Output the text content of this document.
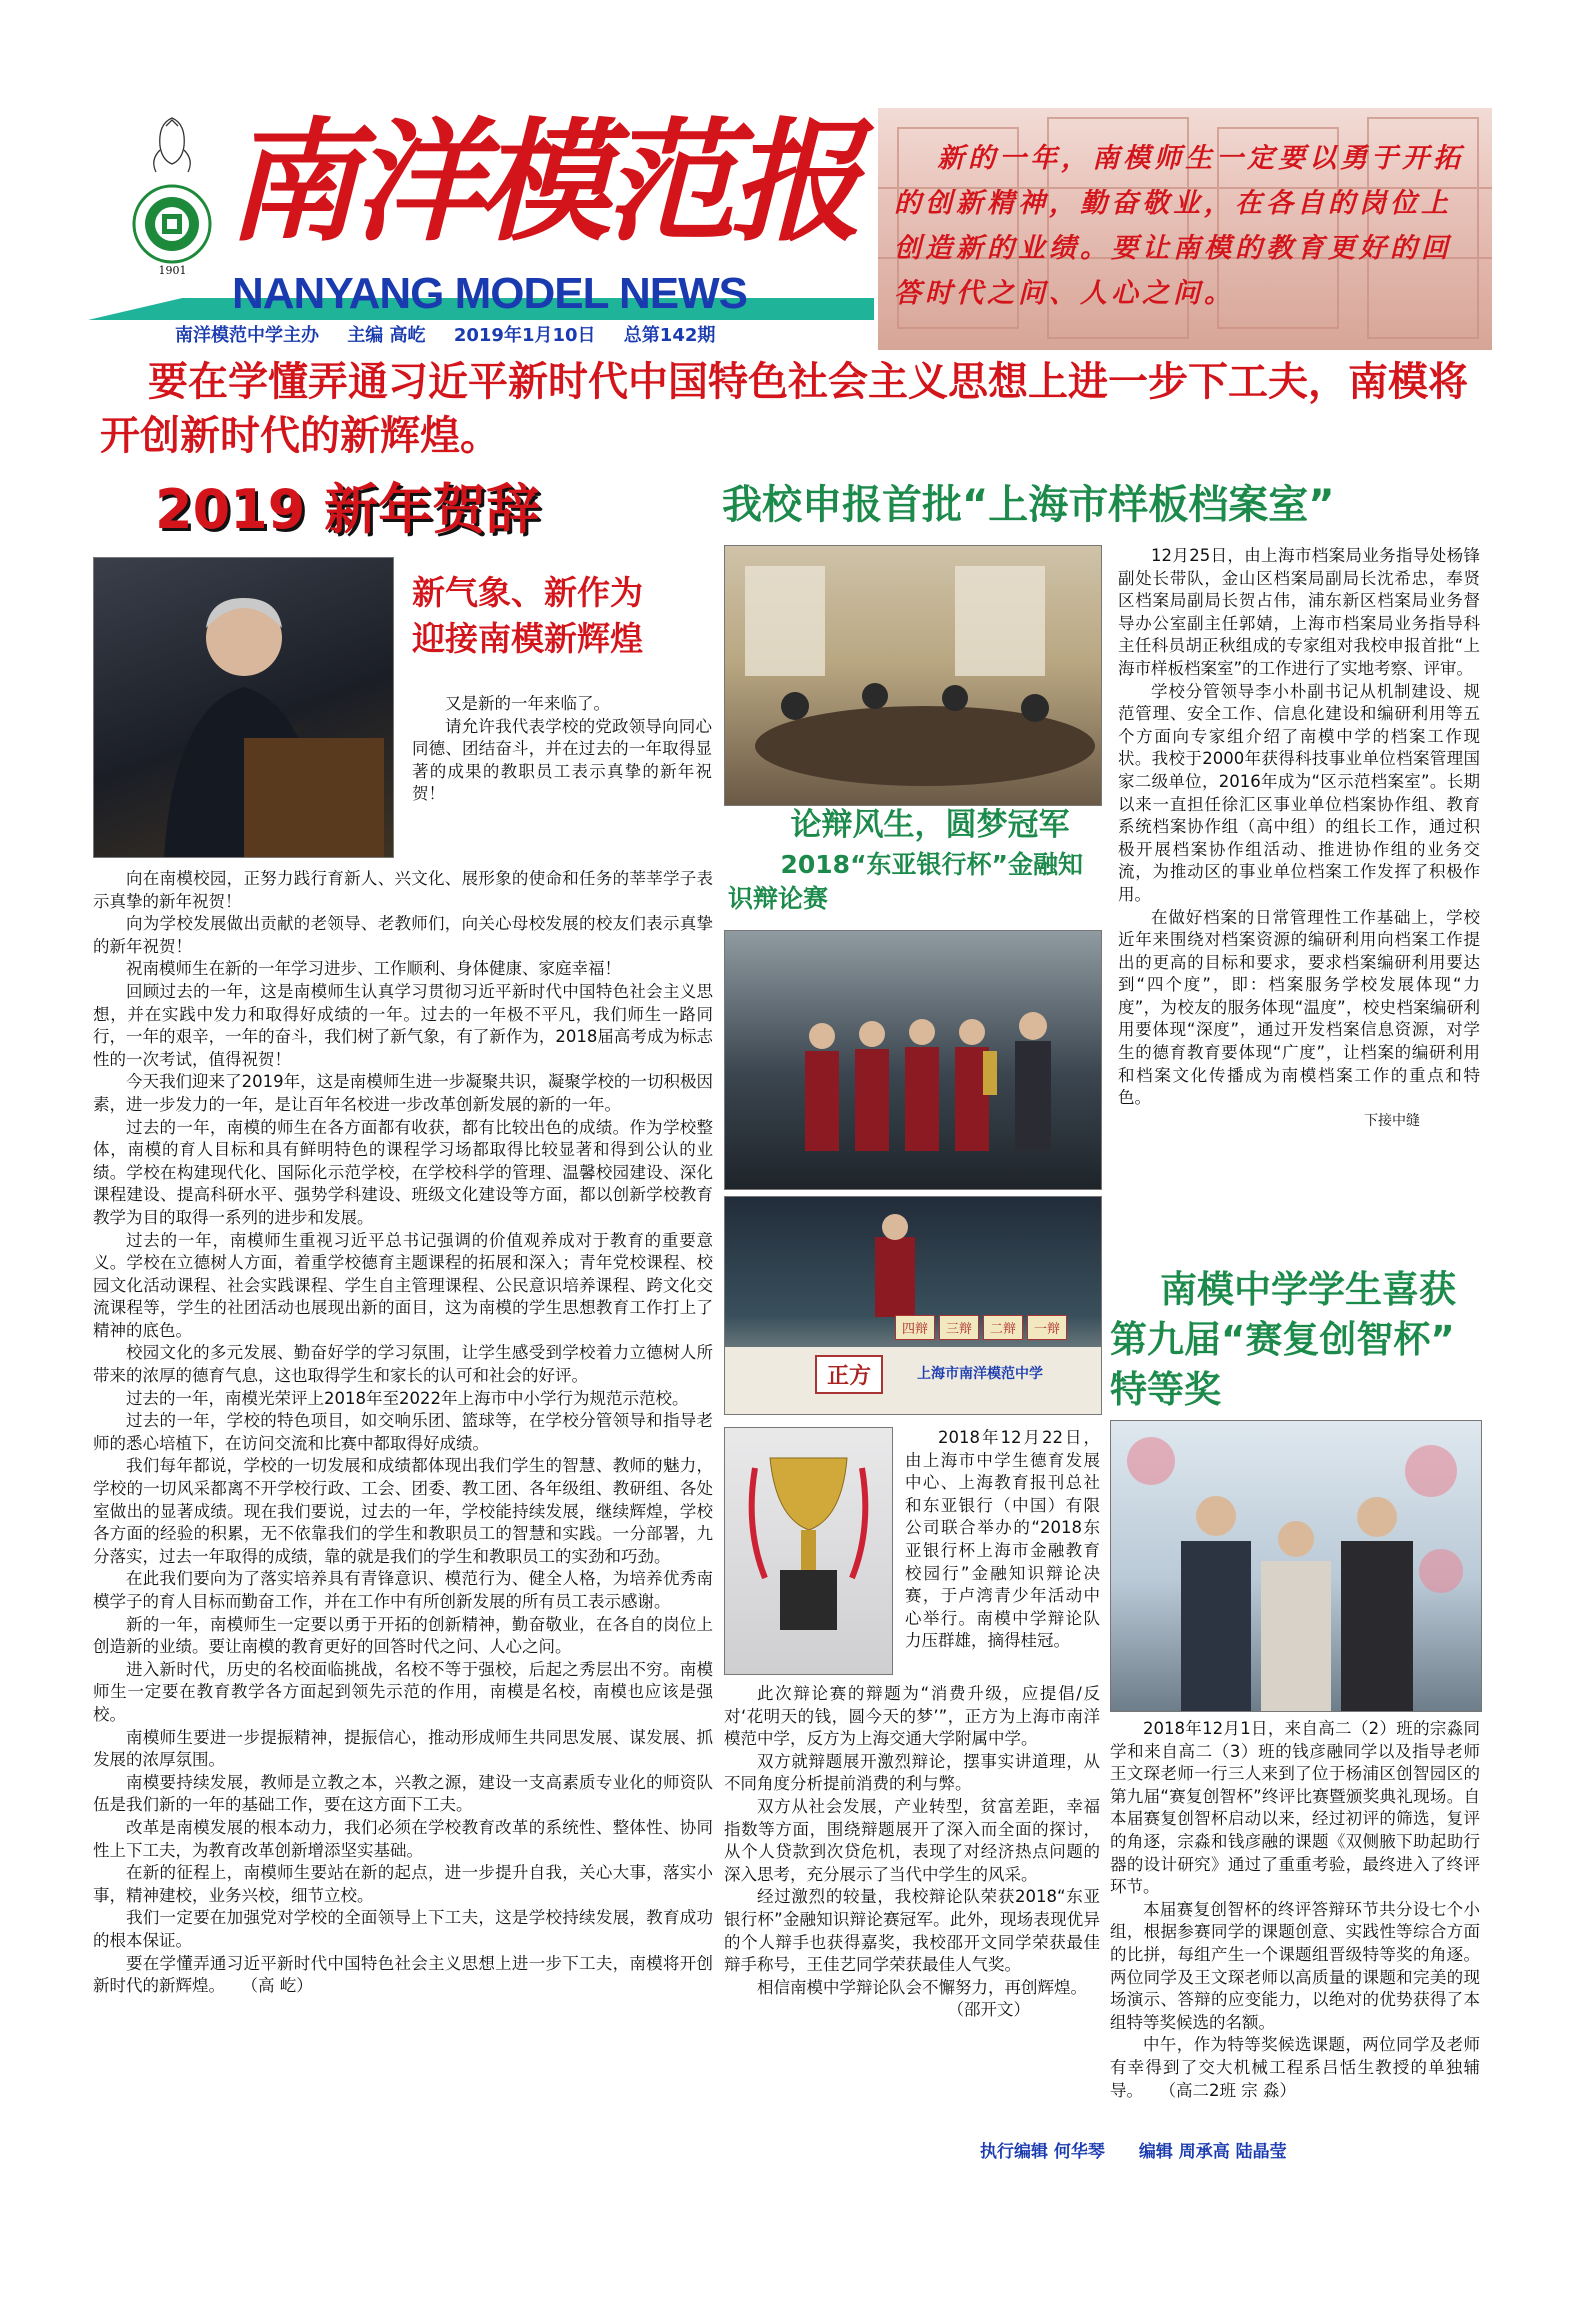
1901
南洋模范报
NANYANG MODEL NEWS
南洋模范中学主办 主编 高屹 2019年1月10日 总第142期
新的一年，南模师生一定要以勇于开拓的创新精神，勤奋敬业，在各自的岗位上创造新的业绩。要让南模的教育更好的回答时代之问、人心之问。
要在学懂弄通习近平新时代中国特色社会主义思想上进一步下工夫，南模将开创新时代的新辉煌。
2019 新年贺辞
新气象、新作为
迎接南模新辉煌

又是新的一年来临了。

请允许我代表学校的党政领导向同心同德、团结奋斗，并在过去的一年取得显著的成果的教职员工表示真挚的新年祝贺！

向在南模校园，正努力践行育新人、兴文化、展形象的使命和任务的莘莘学子表示真挚的新年祝贺！

向为学校发展做出贡献的老领导、老教师们，向关心母校发展的校友们表示真挚的新年祝贺！

祝南模师生在新的一年学习进步、工作顺利、身体健康、家庭幸福！

回顾过去的一年，这是南模师生认真学习贯彻习近平新时代中国特色社会主义思想，并在实践中发力和取得好成绩的一年。过去的一年极不平凡，我们师生一路同行，一年的艰辛，一年的奋斗，我们树了新气象，有了新作为，2018届高考成为标志性的一次考试，值得祝贺！

今天我们迎来了2019年，这是南模师生进一步凝聚共识，凝聚学校的一切积极因素，进一步发力的一年，是让百年名校进一步改革创新发展的新的一年。

过去的一年，南模的师生在各方面都有收获，都有比较出色的成绩。作为学校整体，南模的育人目标和具有鲜明特色的课程学习场都取得比较显著和得到公认的业绩。学校在构建现代化、国际化示范学校，在学校科学的管理、温馨校园建设、深化课程建设、提高科研水平、强势学科建设、班级文化建设等方面，都以创新学校教育教学为目的取得一系列的进步和发展。

过去的一年，南模师生重视习近平总书记强调的价值观养成对于教育的重要意义。学校在立德树人方面，着重学校德育主题课程的拓展和深入；青年党校课程、校园文化活动课程、社会实践课程、学生自主管理课程、公民意识培养课程、跨文化交流课程等，学生的社团活动也展现出新的面目，这为南模的学生思想教育工作打上了精神的底色。

校园文化的多元发展、勤奋好学的学习氛围，让学生感受到学校着力立德树人所带来的浓厚的德育气息，这也取得学生和家长的认可和社会的好评。

过去的一年，南模光荣评上2018年至2022年上海市中小学行为规范示范校。

过去的一年，学校的特色项目，如交响乐团、篮球等，在学校分管领导和指导老师的悉心培植下，在访问交流和比赛中都取得好成绩。

我们每年都说，学校的一切发展和成绩都体现出我们学生的智慧、教师的魅力，学校的一切风采都离不开学校行政、工会、团委、教工团、各年级组、教研组、各处室做出的显著成绩。现在我们要说，过去的一年，学校能持续发展，继续辉煌，学校各方面的经验的积累，无不依靠我们的学生和教职员工的智慧和实践。一分部署，九分落实，过去一年取得的成绩，靠的就是我们的学生和教职员工的实劲和巧劲。

在此我们要向为了落实培养具有青锋意识、模范行为、健全人格，为培养优秀南模学子的育人目标而勤奋工作，并在工作中有所创新发展的所有员工表示感谢。

新的一年，南模师生一定要以勇于开拓的创新精神，勤奋敬业，在各自的岗位上创造新的业绩。要让南模的教育更好的回答时代之问、人心之问。

进入新时代，历史的名校面临挑战，名校不等于强校，后起之秀层出不穷。南模师生一定要在教育教学各方面起到领先示范的作用，南模是名校，南模也应该是强校。

南模师生要进一步提振精神，提振信心，推动形成师生共同思发展、谋发展、抓发展的浓厚氛围。

南模要持续发展，教师是立教之本，兴教之源，建设一支高素质专业化的师资队伍是我们新的一年的基础工作，要在这方面下工夫。

改革是南模发展的根本动力，我们必须在学校教育改革的系统性、整体性、协同性上下工夫，为教育改革创新增添坚实基础。

在新的征程上，南模师生要站在新的起点，进一步提升自我，关心大事，落实小事，精神建校，业务兴校，细节立校。

我们一定要在加强党对学校的全面领导上下工夫，这是学校持续发展，教育成功的根本保证。

要在学懂弄通习近平新时代中国特色社会主义思想上进一步下工夫，南模将开创新时代的新辉煌。  （高 屹）

我校申报首批“上海市样板档案室”

12月25日，由上海市档案局业务指导处杨锋副处长带队，金山区档案局副局长沈希忠，奉贤区档案局副局长贺占伟，浦东新区档案局业务督导办公室副主任郭婧，上海市档案局业务指导科主任科员胡正秋组成的专家组对我校申报首批“上海市样板档案室”的工作进行了实地考察、评审。

学校分管领导李小朴副书记从机制建设、规范管理、安全工作、信息化建设和编研利用等五个方面向专家组介绍了南模中学的档案工作现状。我校于2000年获得科技事业单位档案管理国家二级单位，2016年成为“区示范档案室”。长期以来一直担任徐汇区事业单位档案协作组、教育系统档案协作组（高中组）的组长工作，通过积极开展档案协作组活动、推进协作组的业务交流，为推动区的事业单位档案工作发挥了积极作用。

在做好档案的日常管理性工作基础上，学校近年来围绕对档案资源的编研利用向档案工作提出的更高的目标和要求，要求档案编研利用要达到“四个度”，即：档案服务学校发展体现“力度”，为校友的服务体现“温度”，校史档案编研利用要体现“深度”，通过开发档案信息资源，对学生的德育教育要体现“广度”，让档案的编研利用和档案文化传播成为南模档案工作的重点和特色。

下接中缝
论辩风生，圆梦冠军
2018“东亚银行杯”金融知识辩论赛
四辩	三辩	二辩	一辩
正方	上海市南洋模范中学
2018年12月22日，由上海市中学生德育发展中心、上海教育报刊总社和东亚银行（中国）有限公司联合举办的“2018东亚银行杯上海市金融教育校园行”金融知识辩论决赛，于卢湾青少年活动中心举行。南模中学辩论队力压群雄，摘得桂冠。

此次辩论赛的辩题为“消费升级，应提倡/反对‘花明天的钱，圆今天的梦’”，正方为上海市南洋模范中学，反方为上海交通大学附属中学。

双方就辩题展开激烈辩论，摆事实讲道理，从不同角度分析提前消费的利与弊。

双方从社会发展，产业转型，贫富差距，幸福指数等方面，围绕辩题展开了深入而全面的探讨，从个人贷款到次贷危机，表现了对经济热点问题的深入思考，充分展示了当代中学生的风采。

经过激烈的较量，我校辩论队荣获2018“东亚银行杯”金融知识辩论赛冠军。此外，现场表现优异的个人辩手也获得嘉奖，我校邵开文同学荣获最佳辩手称号，王佳艺同学荣获最佳人气奖。

相信南模中学辩论队会不懈努力，再创辉煌。

（邵开文）
南模中学学生喜获
第九届“赛复创智杯”
特等奖

2018年12月1日，来自高二（2）班的宗淼同学和来自高二（3）班的钱彦融同学以及指导老师王文琛老师一行三人来到了位于杨浦区创智园区的第九届“赛复创智杯”终评比赛暨颁奖典礼现场。自本届赛复创智杯启动以来，经过初评的筛选，复评的角逐，宗淼和钱彦融的课题《双侧腋下助起助行器的设计研究》通过了重重考验，最终进入了终评环节。

本届赛复创智杯的终评答辩环节共分设七个小组，根据参赛同学的课题创意、实践性等综合方面的比拼，每组产生一个课题组晋级特等奖的角逐。两位同学及王文琛老师以高质量的课题和完美的现场演示、答辩的应变能力，以绝对的优势获得了本组特等奖候选的名额。

中午，作为特等奖候选课题，两位同学及老师有幸得到了交大机械工程系吕恬生教授的单独辅导。  （高二2班 宗 淼）

执行编辑 何华琴 编辑 周承高 陆晶莹
